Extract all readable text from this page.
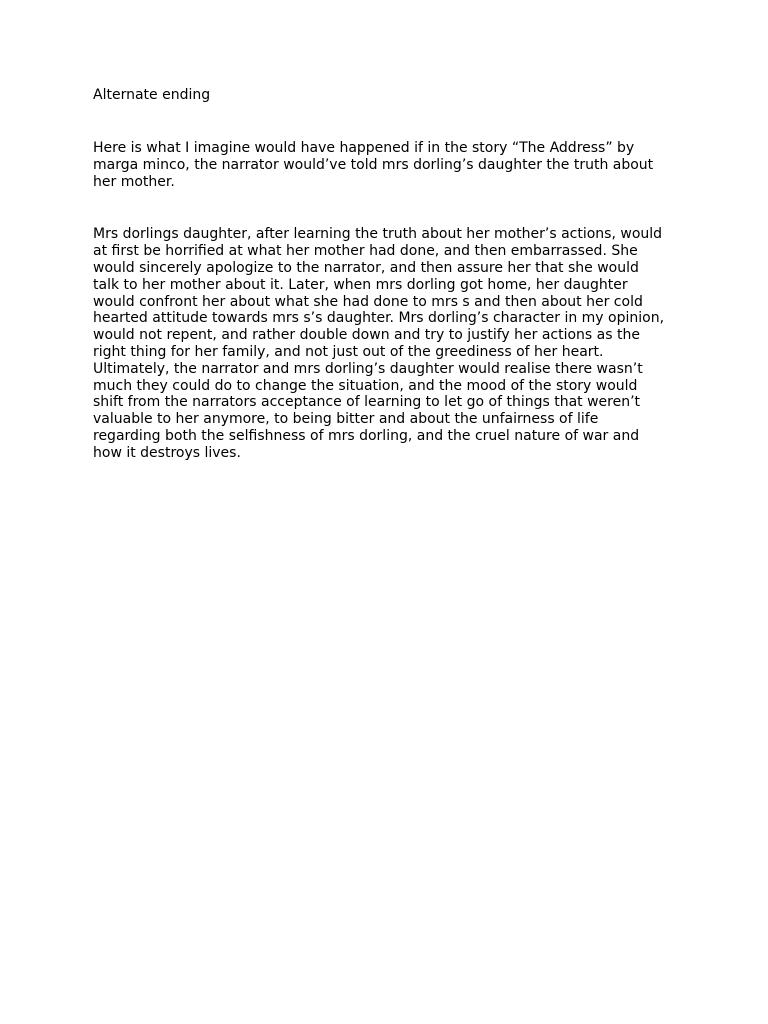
Alternate ending

Here is what I imagine would have happened if in the story “The Address” by
marga minco, the narrator would’ve told mrs dorling’s daughter the truth about
her mother.

Mrs dorlings daughter, after learning the truth about her mother’s actions, would
at first be horrified at what her mother had done, and then embarrassed. She
would sincerely apologize to the narrator, and then assure her that she would
talk to her mother about it. Later, when mrs dorling got home, her daughter
would confront her about what she had done to mrs s and then about her cold
hearted attitude towards mrs s’s daughter. Mrs dorling’s character in my opinion,
would not repent, and rather double down and try to justify her actions as the
right thing for her family, and not just out of the greediness of her heart.
Ultimately, the narrator and mrs dorling’s daughter would realise there wasn’t
much they could do to change the situation, and the mood of the story would
shift from the narrators acceptance of learning to let go of things that weren’t
valuable to her anymore, to being bitter and about the unfairness of life
regarding both the selfishness of mrs dorling, and the cruel nature of war and
how it destroys lives.
